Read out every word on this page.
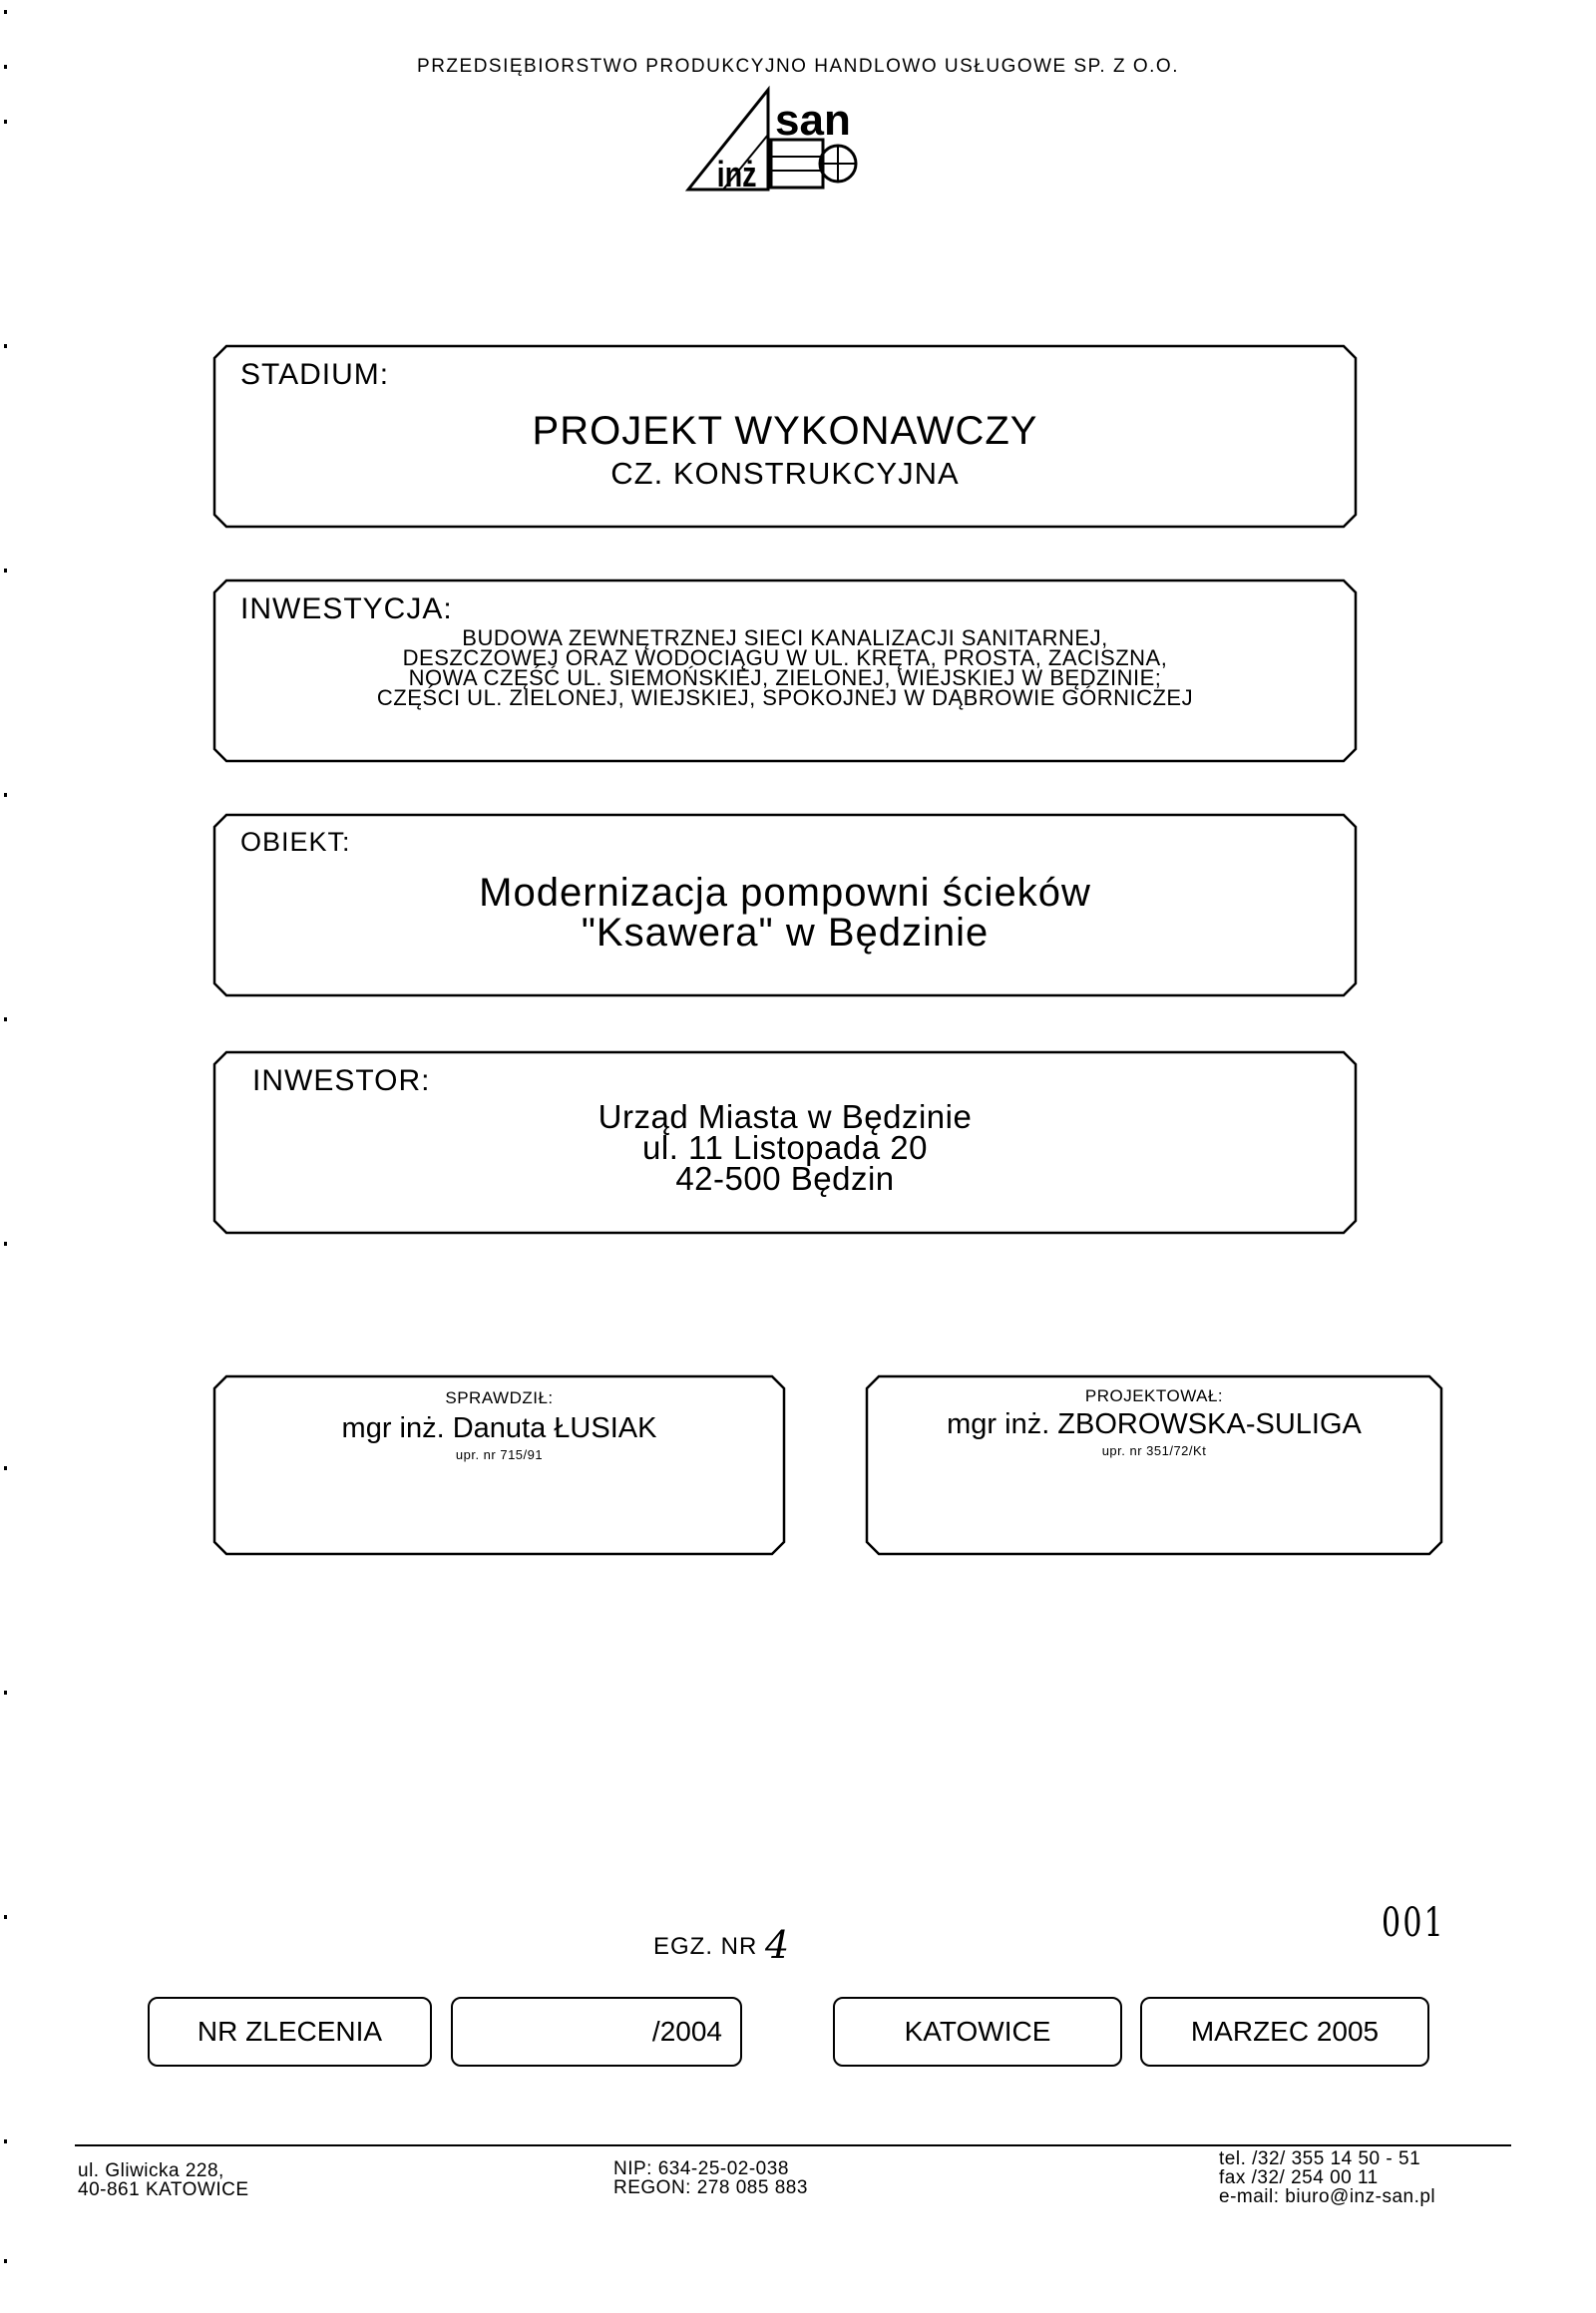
PRZEDSIĘBIORSTWO PRODUKCYJNO HANDLOWO USŁUGOWE SP. Z O.O.
san
inż
STADIUM:
PROJEKT WYKONAWCZY
CZ. KONSTRUKCYJNA
INWESTYCJA:
BUDOWA ZEWNĘTRZNEJ SIECI KANALIZACJI SANITARNEJ,
DESZCZOWEJ ORAZ WODOCIĄGU W UL. KRĘTA, PROSTA, ZACISZNA,
NOWA CZĘŚĆ UL. SIEMOŃSKIEJ, ZIELONEJ, WIEJSKIEJ W BĘDZINIE;
CZĘŚCI UL. ZIELONEJ, WIEJSKIEJ, SPOKOJNEJ W DĄBROWIE GÓRNICZEJ
OBIEKT:
Modernizacja pompowni ścieków
"Ksawera" w Będzinie
INWESTOR:
Urząd Miasta w Będzinie
ul. 11 Listopada 20
42-500 Będzin
SPRAWDZIŁ:
mgr inż. Danuta ŁUSIAK
upr. nr 715/91
PROJEKTOWAŁ:
mgr inż. ZBOROWSKA-SULIGA
upr. nr 351/72/Kt
EGZ. NR 4	001
NR ZLECENIA	/2004	KATOWICE	MARZEC 2005
ul. Gliwicka 228,
40-861 KATOWICE
NIP: 634-25-02-038
REGON: 278 085 883
tel. /32/ 355 14 50 - 51
fax /32/ 254 00 11
e-mail: biuro@inz-san.pl
